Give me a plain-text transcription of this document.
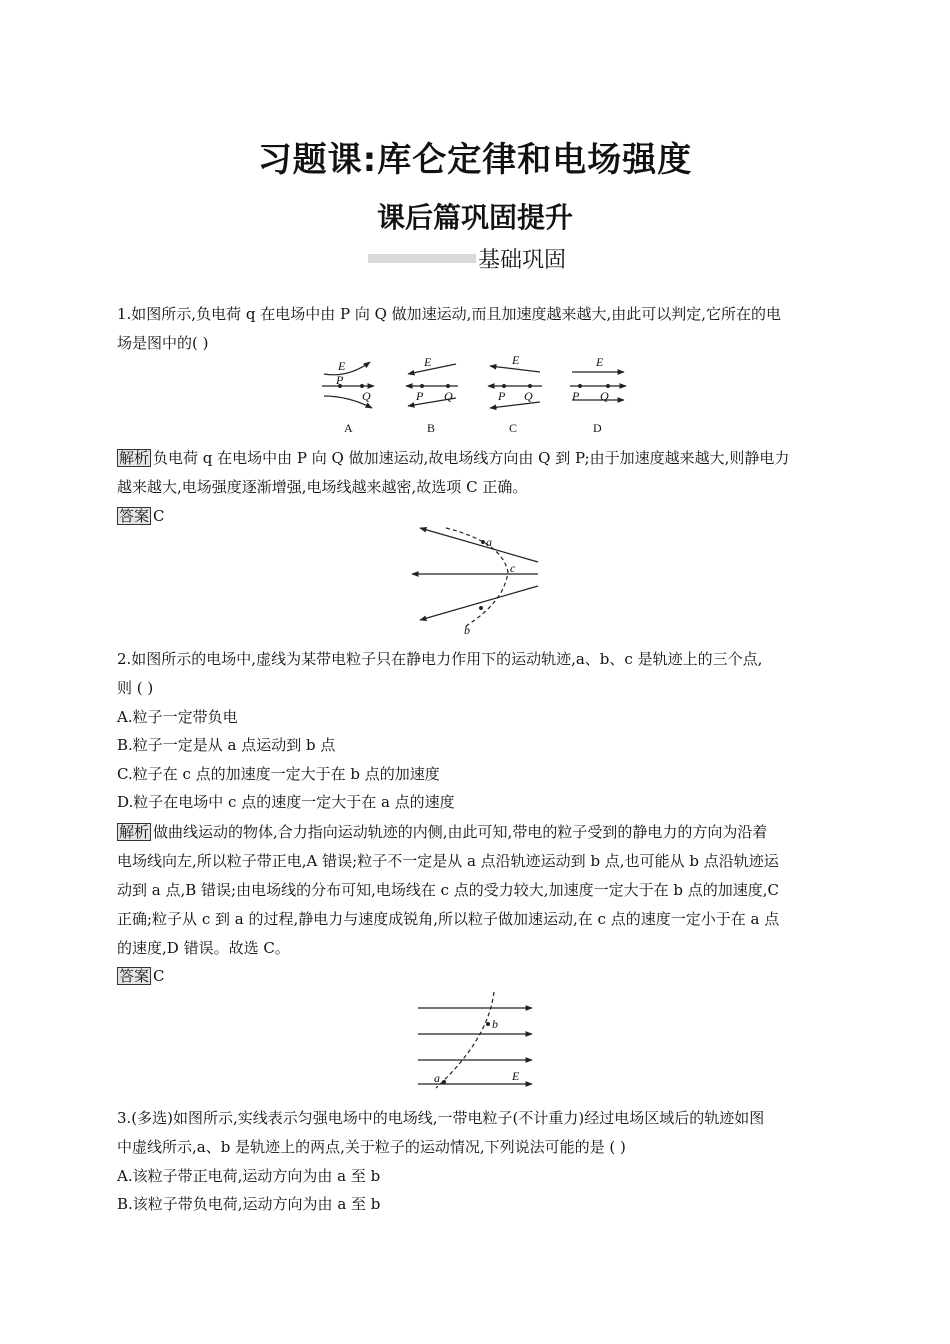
习题课:库仑定律和电场强度
课后篇巩固提升
基础巩固
1.如图所示,负电荷 q 在电场中由 P 向 Q 做加速运动,而且加速度越来越大,由此可以判定,它所在的电
场是图中的( )
E
P
Q
E
P Q
E
P Q
E
P Q
A	B	C	D
解析 负电荷 q 在电场中由 P 向 Q 做加速运动,故电场线方向由 Q 到 P;由于加速度越来越大,则静电力
越来越大,电场强度逐渐增强,电场线越来越密,故选项 C 正确。
答案 C
a
c
b
2.如图所示的电场中,虚线为某带电粒子只在静电力作用下的运动轨迹,a、b、c 是轨迹上的三个点,
则 ( )
A.粒子一定带负电
B.粒子一定是从 a 点运动到 b 点
C.粒子在 c 点的加速度一定大于在 b 点的加速度
D.粒子在电场中 c 点的速度一定大于在 a 点的速度
解析 做曲线运动的物体,合力指向运动轨迹的内侧,由此可知,带电的粒子受到的静电力的方向为沿着
电场线向左,所以粒子带正电,A 错误;粒子不一定是从 a 点沿轨迹运动到 b 点,也可能从 b 点沿轨迹运
动到 a 点,B 错误;由电场线的分布可知,电场线在 c 点的受力较大,加速度一定大于在 b 点的加速度,C
正确;粒子从 c 到 a 的过程,静电力与速度成锐角,所以粒子做加速运动,在 c 点的速度一定小于在 a 点
的速度,D 错误。故选 C。
答案 C
b
a	E
3.(多选)如图所示,实线表示匀强电场中的电场线,一带电粒子(不计重力)经过电场区域后的轨迹如图
中虚线所示,a、b 是轨迹上的两点,关于粒子的运动情况,下列说法可能的是 ( )
A.该粒子带正电荷,运动方向为由 a 至 b
B.该粒子带负电荷,运动方向为由 a 至 b
